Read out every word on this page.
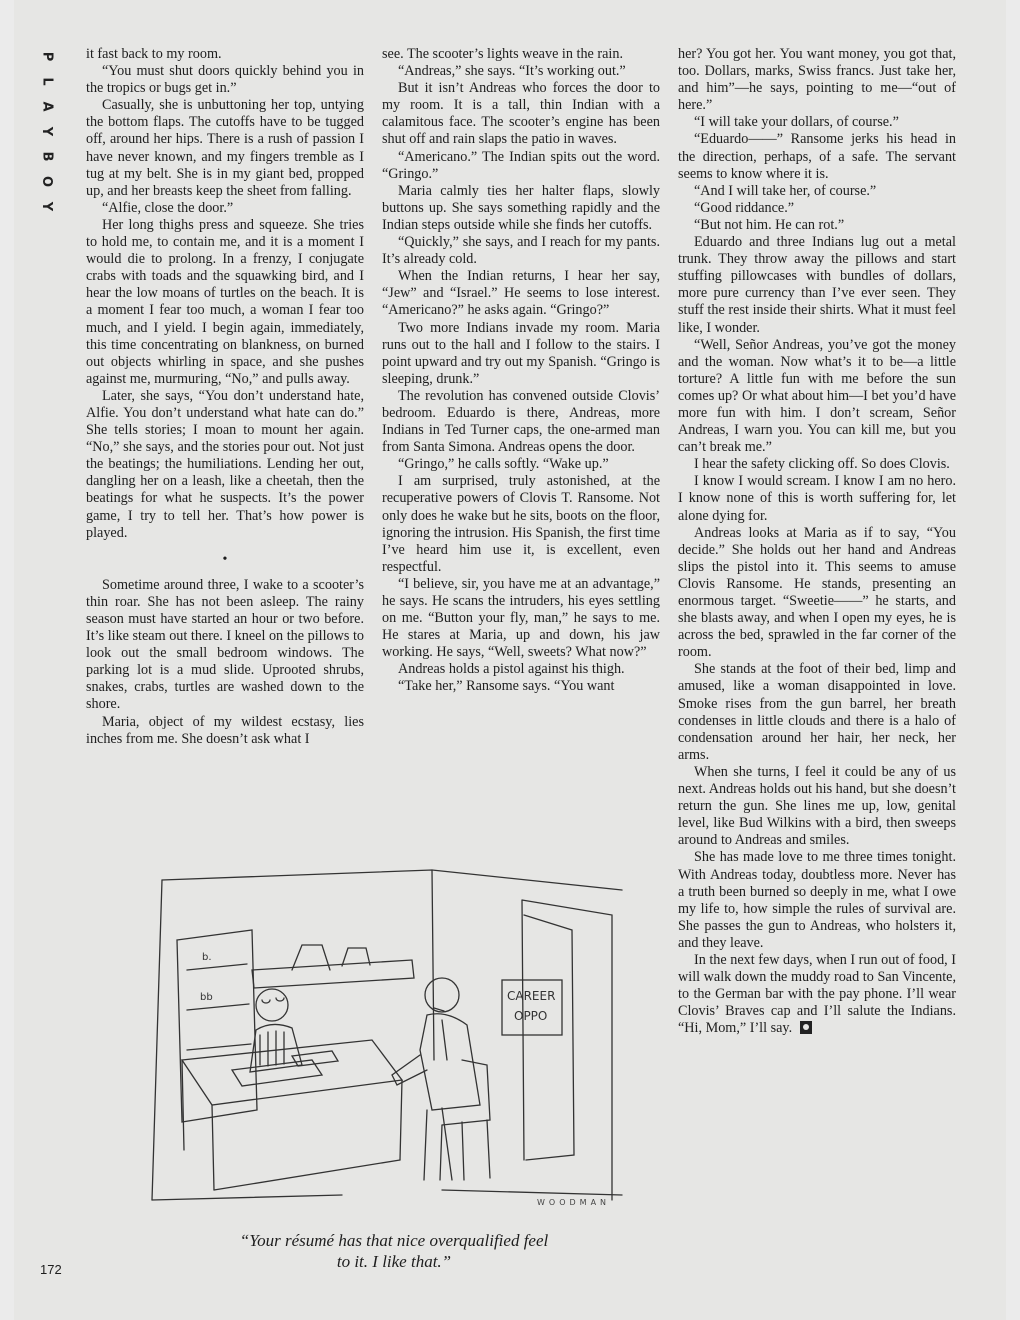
P
L
A
Y
B
O
Y

it fast back to my room.

“You must shut doors quickly behind you in the tropics or bugs get in.”

Casually, she is unbuttoning her top, untying the bottom flaps. The cutoffs have to be tugged off, around her hips. There is a rush of passion I have never known, and my fingers tremble as I tug at my belt. She is in my giant bed, propped up, and her breasts keep the sheet from falling.

“Alfie, close the door.”

Her long thighs press and squeeze. She tries to hold me, to contain me, and it is a moment I would die to prolong. In a frenzy, I conjugate crabs with toads and the squawking bird, and I hear the low moans of turtles on the beach. It is a moment I fear too much, a woman I fear too much, and I yield. I begin again, immediately, this time concentrating on blankness, on burned out objects whirling in space, and she pushes against me, murmuring, “No,” and pulls away.

Later, she says, “You don’t understand hate, Alfie. You don’t understand what hate can do.” She tells stories; I moan to mount her again. “No,” she says, and the stories pour out. Not just the beatings; the humiliations. Lending her out, dangling her on a leash, like a cheetah, then the beatings for what he suspects. It’s the power game, I try to tell her. That’s how power is played.

•

Sometime around three, I wake to a scooter’s thin roar. She has not been asleep. The rainy season must have started an hour or two before. It’s like steam out there. I kneel on the pillows to look out the small bedroom windows. The parking lot is a mud slide. Uprooted shrubs, snakes, crabs, turtles are washed down to the shore.

Maria, object of my wildest ecstasy, lies inches from me. She doesn’t ask what I

see. The scooter’s lights weave in the rain.

“Andreas,” she says. “It’s working out.”

But it isn’t Andreas who forces the door to my room. It is a tall, thin Indian with a calamitous face. The scooter’s engine has been shut off and rain slaps the patio in waves.

“Americano.” The Indian spits out the word. “Gringo.”

Maria calmly ties her halter flaps, slowly buttons up. She says something rapidly and the Indian steps outside while she finds her cutoffs.

“Quickly,” she says, and I reach for my pants. It’s already cold.

When the Indian returns, I hear her say, “Jew” and “Israel.” He seems to lose interest. “Americano?” he asks again. “Gringo?”

Two more Indians invade my room. Maria runs out to the hall and I follow to the stairs. I point upward and try out my Spanish. “Gringo is sleeping, drunk.”

The revolution has convened outside Clovis’ bedroom. Eduardo is there, Andreas, more Indians in Ted Turner caps, the one-armed man from Santa Simona. Andreas opens the door.

“Gringo,” he calls softly. “Wake up.”

I am surprised, truly astonished, at the recuperative powers of Clovis T. Ransome. Not only does he wake but he sits, boots on the floor, ignoring the intrusion. His Spanish, the first time I’ve heard him use it, is excellent, even respectful.

“I believe, sir, you have me at an advantage,” he says. He scans the intruders, his eyes settling on me. “Button your fly, man,” he says to me. He stares at Maria, up and down, his jaw working. He says, “Well, sweets? What now?”

Andreas holds a pistol against his thigh.

“Take her,” Ransome says. “You want

her? You got her. You want money, you got that, too. Dollars, marks, Swiss francs. Just take her, and him”—he says, pointing to me—“out of here.”

“I will take your dollars, of course.”

“Eduardo——” Ransome jerks his head in the direction, perhaps, of a safe. The servant seems to know where it is.

“And I will take her, of course.”

“Good riddance.”

“But not him. He can rot.”

Eduardo and three Indians lug out a metal trunk. They throw away the pillows and start stuffing pillowcases with bundles of dollars, more pure currency than I’ve ever seen. They stuff the rest inside their shirts. What it must feel like, I wonder.

“Well, Señor Andreas, you’ve got the money and the woman. Now what’s it to be—a little torture? A little fun with me before the sun comes up? Or what about him—I bet you’d have more fun with him. I don’t scream, Señor Andreas, I warn you. You can kill me, but you can’t break me.”

I hear the safety clicking off. So does Clovis.

I know I would scream. I know I am no hero. I know none of this is worth suffering for, let alone dying for.

Andreas looks at Maria as if to say, “You decide.” She holds out her hand and Andreas slips the pistol into it. This seems to amuse Clovis Ransome. He stands, presenting an enormous target. “Sweetie——” he starts, and she blasts away, and when I open my eyes, he is across the bed, sprawled in the far corner of the room.

She stands at the foot of their bed, limp and amused, like a woman disappointed in love. Smoke rises from the gun barrel, her breath condenses in little clouds and there is a halo of condensation around her hair, her neck, her arms.

When she turns, I feel it could be any of us next. Andreas holds out his hand, but she doesn’t return the gun. She lines me up, low, genital level, like Bud Wilkins with a bird, then sweeps around to Andreas and smiles.

She has made love to me three times tonight. With Andreas today, doubtless more. Never has a truth been burned so deeply in me, what I owe my life to, how simple the rules of survival are. She passes the gun to Andreas, who holsters it, and they leave.

In the next few days, when I run out of food, I will walk down the muddy road to San Vincente, to the German bar with the pay phone. I’ll wear Clovis’ Braves cap and I’ll salute the Indians. “Hi, Mom,” I’ll say.

b.
bb	CAREER
OPPO
WOODMAN
“Your résumé has that nice overqualified feel
to it. I like that.”
172
